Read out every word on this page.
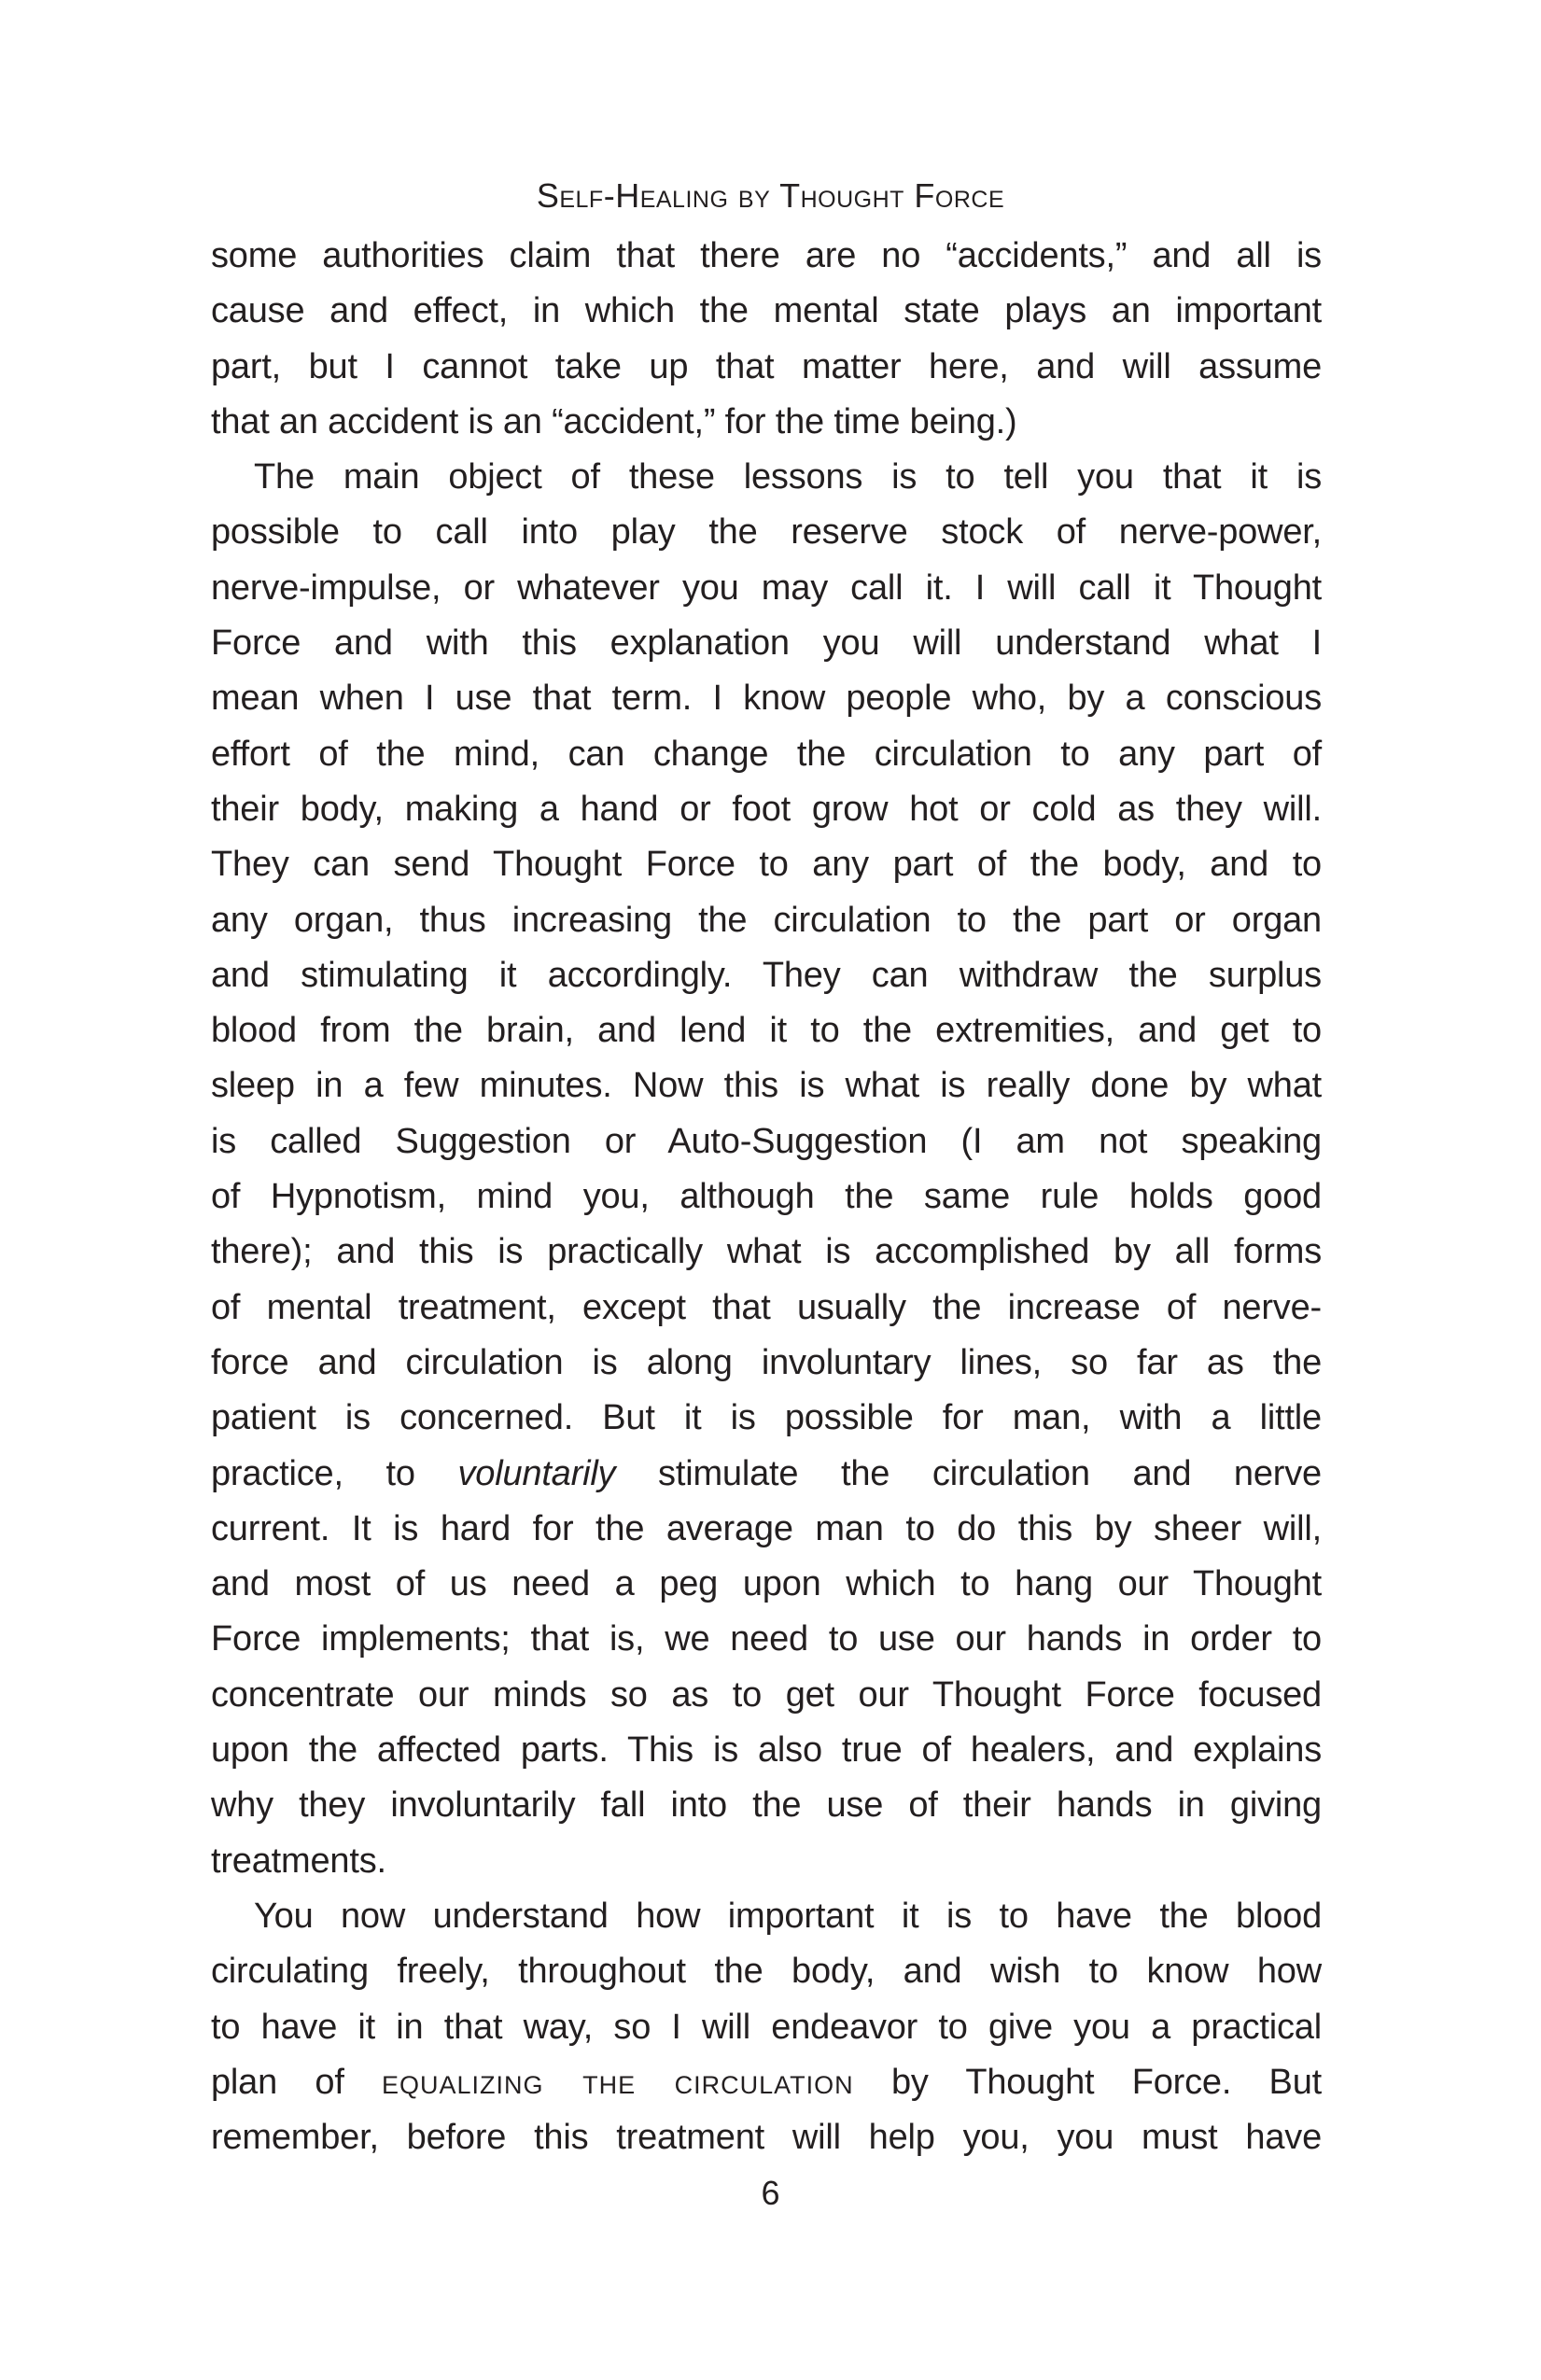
Self-Healing by Thought Force
some authorities claim that there are no “accidents,” and all is
cause and effect, in which the mental state plays an important
part, but I cannot take up that matter here, and will assume
that an accident is an “accident,” for the time being.)
The main object of these lessons is to tell you that it is
possible to call into play the reserve stock of nerve-power,
nerve-impulse, or whatever you may call it. I will call it Thought
Force and with this explanation you will understand what I
mean when I use that term. I know people who, by a conscious
effort of the mind, can change the circulation to any part of
their body, making a hand or foot grow hot or cold as they will.
They can send Thought Force to any part of the body, and to
any organ, thus increasing the circulation to the part or organ
and stimulating it accordingly. They can withdraw the surplus
blood from the brain, and lend it to the extremities, and get to
sleep in a few minutes. Now this is what is really done by what
is called Suggestion or Auto-Suggestion (I am not speaking
of Hypnotism, mind you, although the same rule holds good
there); and this is practically what is accomplished by all forms
of mental treatment, except that usually the increase of nerve-
force and circulation is along involuntary lines, so far as the
patient is concerned. But it is possible for man, with a little
practice, to voluntarily stimulate the circulation and nerve
current. It is hard for the average man to do this by sheer will,
and most of us need a peg upon which to hang our Thought
Force implements; that is, we need to use our hands in order to
concentrate our minds so as to get our Thought Force focused
upon the affected parts. This is also true of healers, and explains
why they involuntarily fall into the use of their hands in giving
treatments.
You now understand how important it is to have the blood
circulating freely, throughout the body, and wish to know how
to have it in that way, so I will endeavor to give you a practical
plan of equalizing the circulation by Thought Force. But
remember, before this treatment will help you, you must have
6
